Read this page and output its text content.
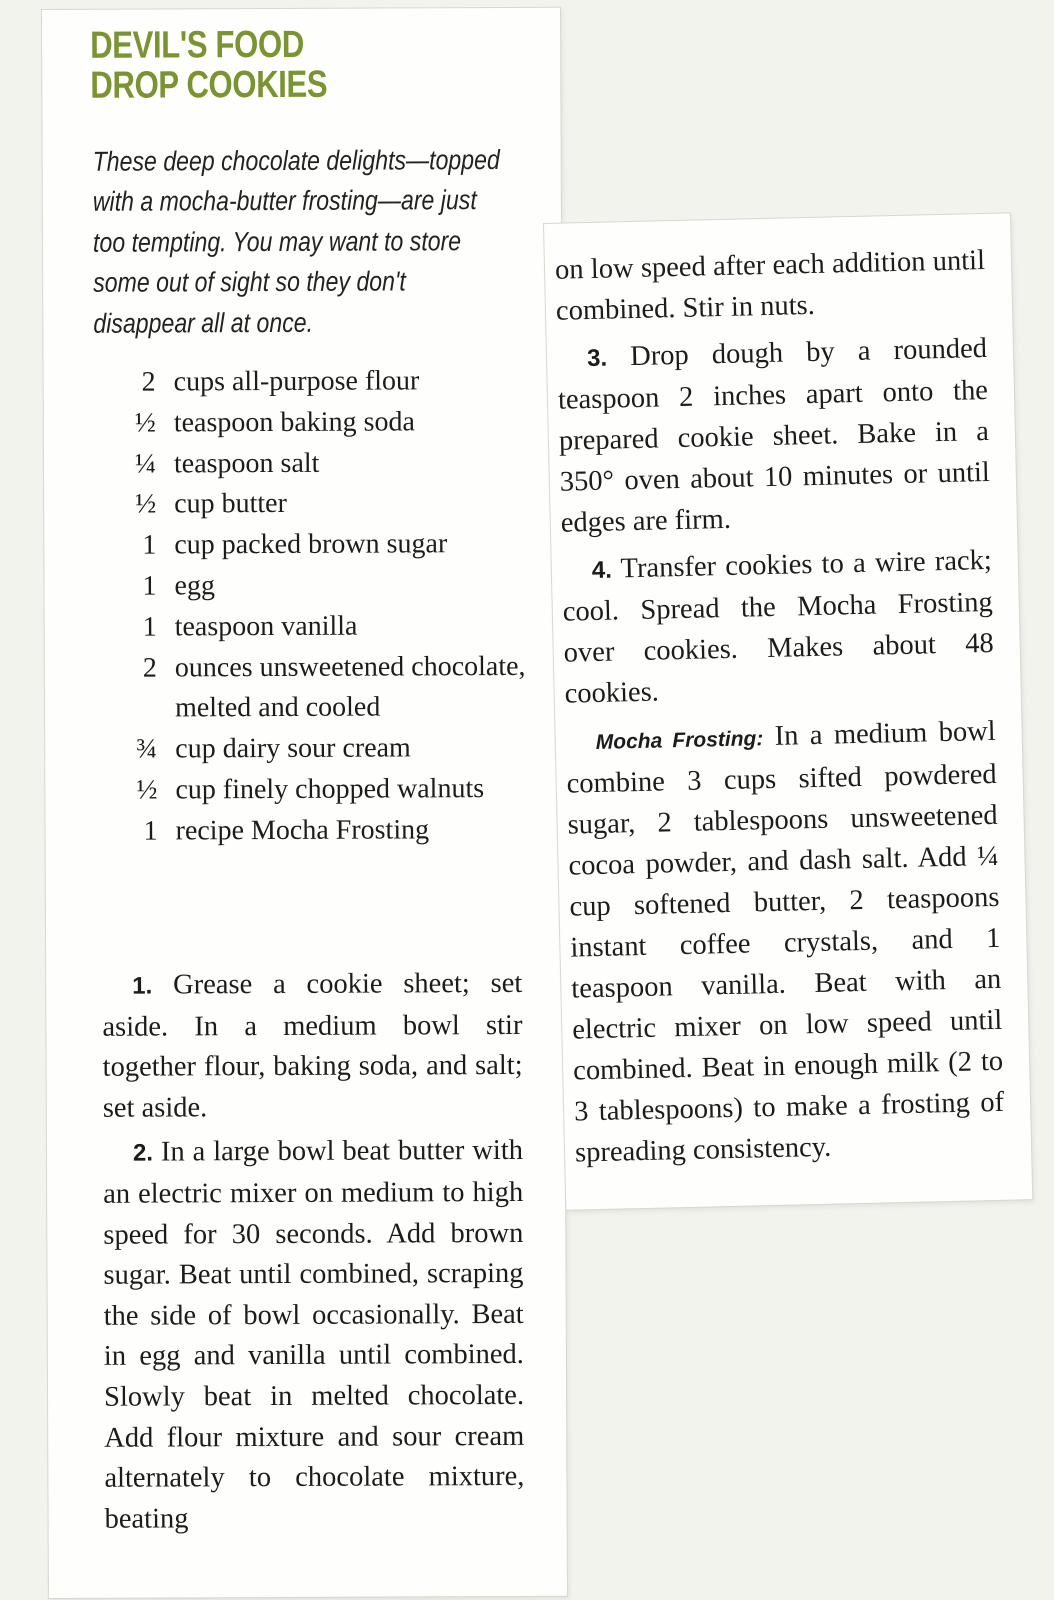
DEVIL'S FOOD
DROP COOKIES

These deep chocolate delights—topped with a mocha-butter frosting—are just too tempting. You may want to store some out of sight so they don't disappear all at once.

2 cups all-purpose flour
½ teaspoon baking soda
¼ teaspoon salt
½ cup butter
1 cup packed brown sugar
1 egg
1 teaspoon vanilla
2 ounces unsweetened chocolate, melted and cooled
¾ cup dairy sour cream
½ cup finely chopped walnuts
1 recipe Mocha Frosting

1. Grease a cookie sheet; set aside. In a medium bowl stir together flour, baking soda, and salt; set aside.

2. In a large bowl beat butter with an electric mixer on medium to high speed for 30 seconds. Add brown sugar. Beat until combined, scraping the side of bowl occasionally. Beat in egg and vanilla until combined. Slowly beat in melted chocolate. Add flour mixture and sour cream alternately to chocolate mixture, beating

on low speed after each addition until combined. Stir in nuts.

3. Drop dough by a rounded teaspoon 2 inches apart onto the prepared cookie sheet. Bake in a 350° oven about 10 minutes or until edges are firm.

4. Transfer cookies to a wire rack; cool. Spread the Mocha Frosting over cookies. Makes about 48 cookies.

Mocha Frosting: In a medium bowl combine 3 cups sifted powdered sugar, 2 tablespoons unsweetened cocoa powder, and dash salt. Add ¼ cup softened butter, 2 teaspoons instant coffee crystals, and 1 teaspoon vanilla. Beat with an electric mixer on low speed until combined. Beat in enough milk (2 to 3 tablespoons) to make a frosting of spreading consistency.
